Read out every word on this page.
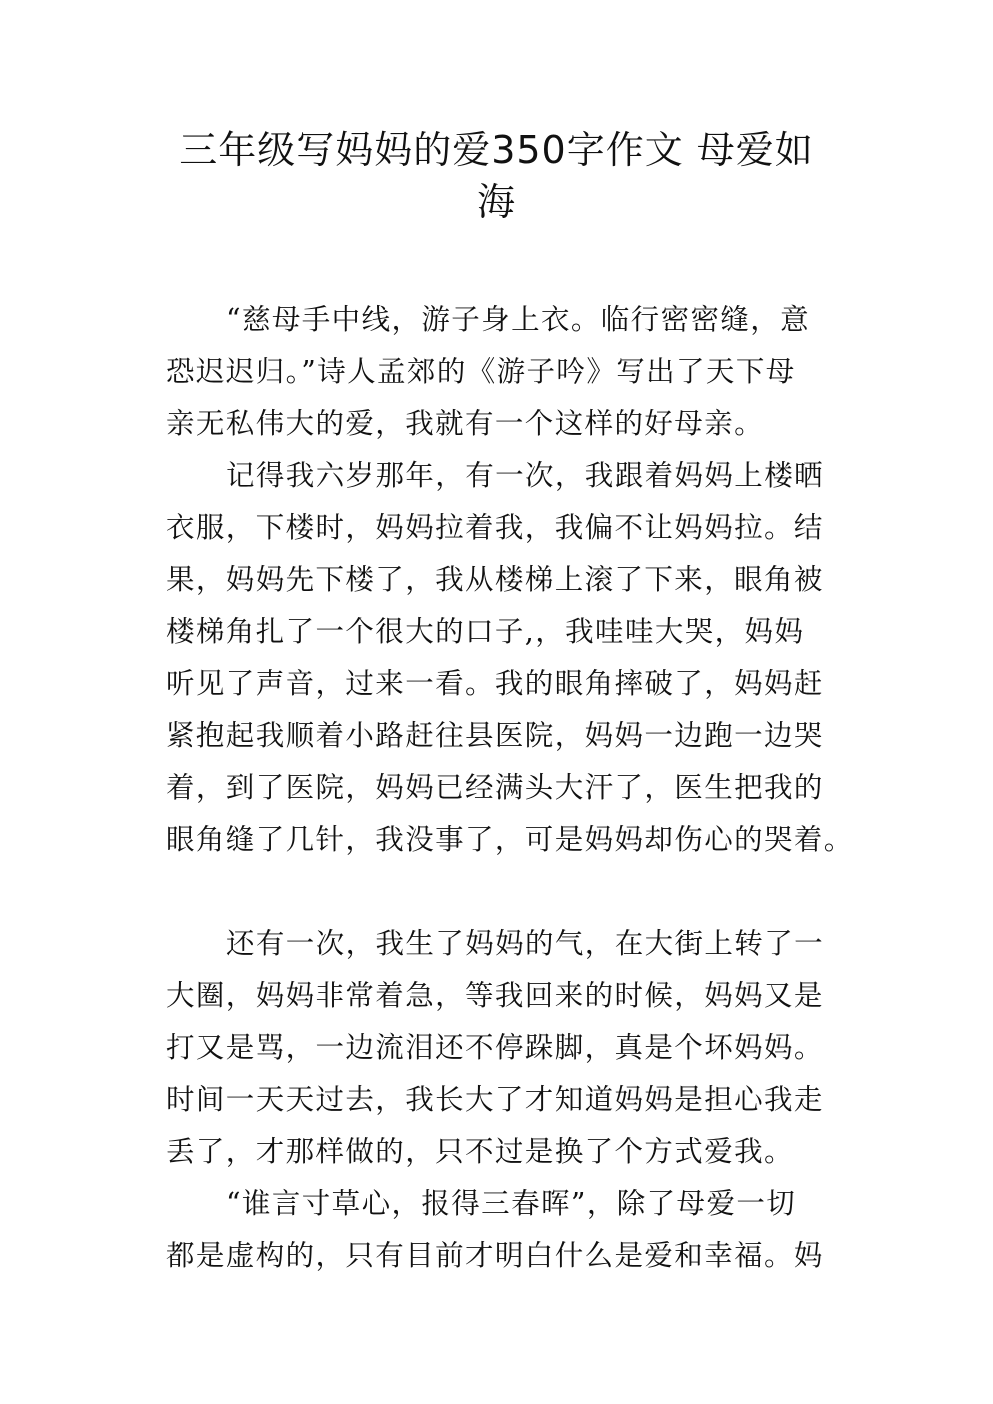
三年级写妈妈的爱350字作文 母爱如
海
“慈母手中线，游子身上衣。临行密密缝，意
恐迟迟归。”诗人孟郊的《游子吟》写出了天下母
亲无私伟大的爱，我就有一个这样的好母亲。
记得我六岁那年，有一次，我跟着妈妈上楼晒
衣服，下楼时，妈妈拉着我，我偏不让妈妈拉。结
果，妈妈先下楼了，我从楼梯上滚了下来，眼角被
楼梯角扎了一个很大的口子,，我哇哇大哭，妈妈
听见了声音，过来一看。我的眼角摔破了，妈妈赶
紧抱起我顺着小路赶往县医院，妈妈一边跑一边哭
着，到了医院，妈妈已经满头大汗了，医生把我的
眼角缝了几针，我没事了，可是妈妈却伤心的哭着。
还有一次，我生了妈妈的气，在大街上转了一
大圈，妈妈非常着急，等我回来的时候，妈妈又是
打又是骂，一边流泪还不停跺脚，真是个坏妈妈。
时间一天天过去，我长大了才知道妈妈是担心我走
丢了，才那样做的，只不过是换了个方式爱我。
“谁言寸草心，报得三春晖”，除了母爱一切
都是虚构的，只有目前才明白什么是爱和幸福。妈
